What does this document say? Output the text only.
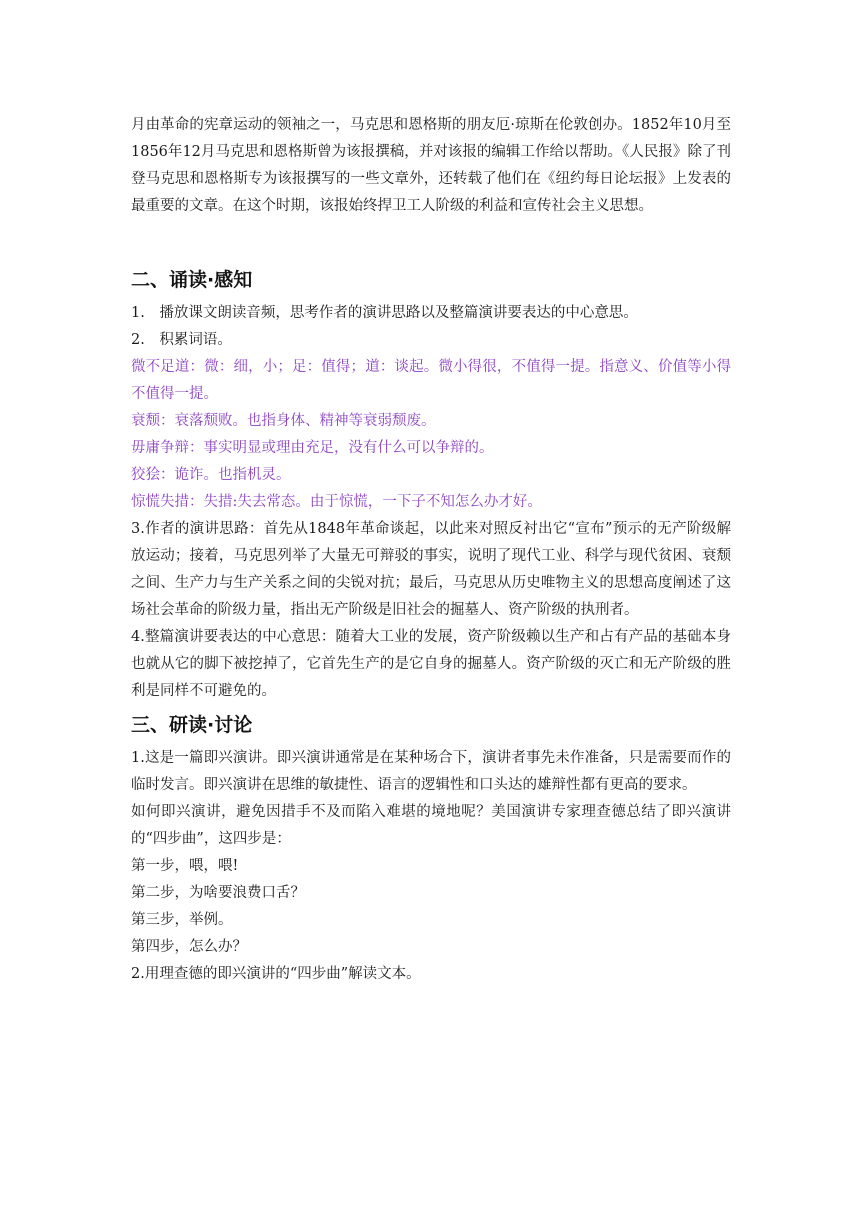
月由革命的宪章运动的领袖之一，马克思和恩格斯的朋友厄·琼斯在伦敦创办。1852年10月至1856年12月马克思和恩格斯曾为该报撰稿，并对该报的编辑工作给以帮助。《人民报》除了刊登马克思和恩格斯专为该报撰写的一些文章外，还转载了他们在《纽约每日论坛报》上发表的最重要的文章。在这个时期，该报始终捍卫工人阶级的利益和宣传社会主义思想。

二、诵读·感知

1.　播放课文朗读音频，思考作者的演讲思路以及整篇演讲要表达的中心意思。

2.　积累词语。

微不足道：微：细，小；足：值得；道：谈起。微小得很，不值得一提。指意义、价值等小得不值得一提。

衰颓：衰落颓败。也指身体、精神等衰弱颓废。

毋庸争辩：事实明显或理由充足，没有什么可以争辩的。

狡狯：诡诈。也指机灵。

惊慌失措：失措:失去常态。由于惊慌，一下子不知怎么办才好。

3.作者的演讲思路：首先从1848年革命谈起，以此来对照反衬出它“宣布”预示的无产阶级解放运动；接着，马克思列举了大量无可辩驳的事实，说明了现代工业、科学与现代贫困、衰颓之间、生产力与生产关系之间的尖锐对抗；最后，马克思从历史唯物主义的思想高度阐述了这场社会革命的阶级力量，指出无产阶级是旧社会的掘墓人、资产阶级的执刑者。

4.整篇演讲要表达的中心意思：随着大工业的发展，资产阶级赖以生产和占有产品的基础本身也就从它的脚下被挖掉了，它首先生产的是它自身的掘墓人。资产阶级的灭亡和无产阶级的胜利是同样不可避免的。

三、研读·讨论

1.这是一篇即兴演讲。即兴演讲通常是在某种场合下，演讲者事先未作准备，只是需要而作的临时发言。即兴演讲在思维的敏捷性、语言的逻辑性和口头达的雄辩性都有更高的要求。

如何即兴演讲，避免因措手不及而陷入难堪的境地呢？美国演讲专家理查德总结了即兴演讲的“四步曲”，这四步是：

第一步，喂，喂!

第二步，为啥要浪费口舌？

第三步，举例。

第四步，怎么办？

2.用理查德的即兴演讲的“四步曲”解读文本。
